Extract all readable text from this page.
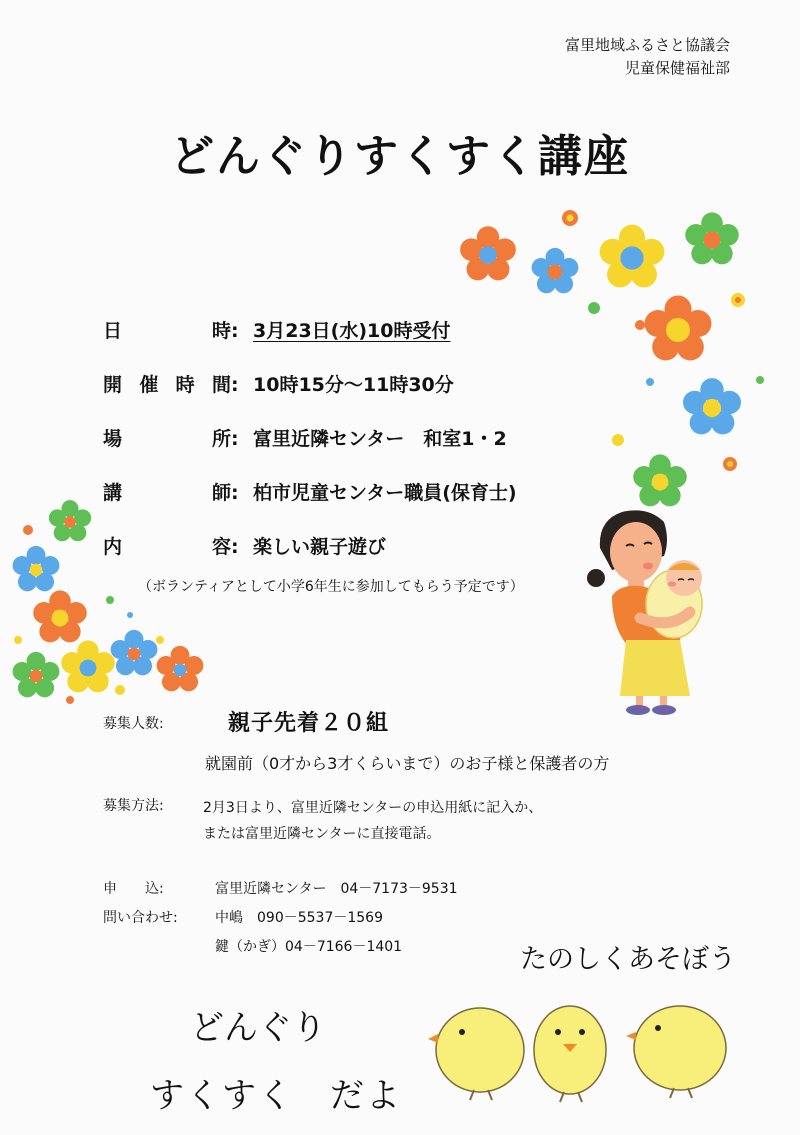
富里地域ふるさと協議会
児童保健福祉部
どんぐりすくすく講座
日時: 3月23日(水)10時受付
開催時間: 10時15分～11時30分
場所: 富里近隣センター　和室1・2
講師: 柏市児童センター職員(保育士)
内容: 楽しい親子遊び
（ボランティアとして小学6年生に参加してもらう予定です）
募集人数:	親子先着２０組
就園前（0才から3才くらいまで）のお子様と保護者の方
募集方法:	2月3日より、富里近隣センターの申込用紙に記入か、
または富里近隣センターに直接電話。
申　　込:	富里近隣センター　04－7173－9531
問い合わせ:	中嶋　090－5537－1569
鍵（かぎ）04－7166－1401	たのしくあそぼう
どんぐり
すくすく　だよ
